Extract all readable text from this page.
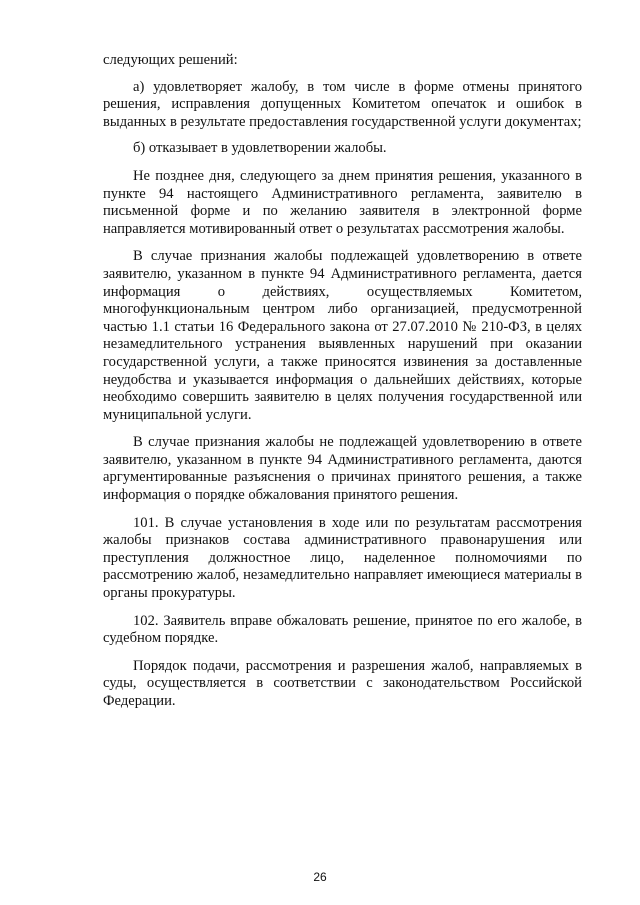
следующих решений:

а) удовлетворяет жалобу, в том числе в форме отмены принятого решения, исправления допущенных Комитетом опечаток и ошибок в выданных в результате предоставления государственной услуги документах;

б) отказывает в удовлетворении жалобы.

Не позднее дня, следующего за днем принятия решения, указанного в пункте 94 настоящего Административного регламента, заявителю в письменной форме и по желанию заявителя в электронной форме направляется мотивированный ответ о результатах рассмотрения жалобы.

В случае признания жалобы подлежащей удовлетворению в ответе заявителю, указанном в пункте 94 Административного регламента, дается информация о действиях, осуществляемых Комитетом, многофункциональным центром либо организацией, предусмотренной частью 1.1 статьи 16 Федерального закона от 27.07.2010 № 210-ФЗ, в целях незамедлительного устранения выявленных нарушений при оказании государственной услуги, а также приносятся извинения за доставленные неудобства и указывается информация о дальнейших действиях, которые необходимо совершить заявителю в целях получения государственной или муниципальной услуги.

В случае признания жалобы не подлежащей удовлетворению в ответе заявителю, указанном в пункте 94 Административного регламента, даются аргументированные разъяснения о причинах принятого решения, а также информация о порядке обжалования принятого решения.

101. В случае установления в ходе или по результатам рассмотрения жалобы признаков состава административного правонарушения или преступления должностное лицо, наделенное полномочиями по рассмотрению жалоб, незамедлительно направляет имеющиеся материалы в органы прокуратуры.

102. Заявитель вправе обжаловать решение, принятое по его жалобе, в судебном порядке.

Порядок подачи, рассмотрения и разрешения жалоб, направляемых в суды, осуществляется в соответствии с законодательством Российской Федерации.

26
